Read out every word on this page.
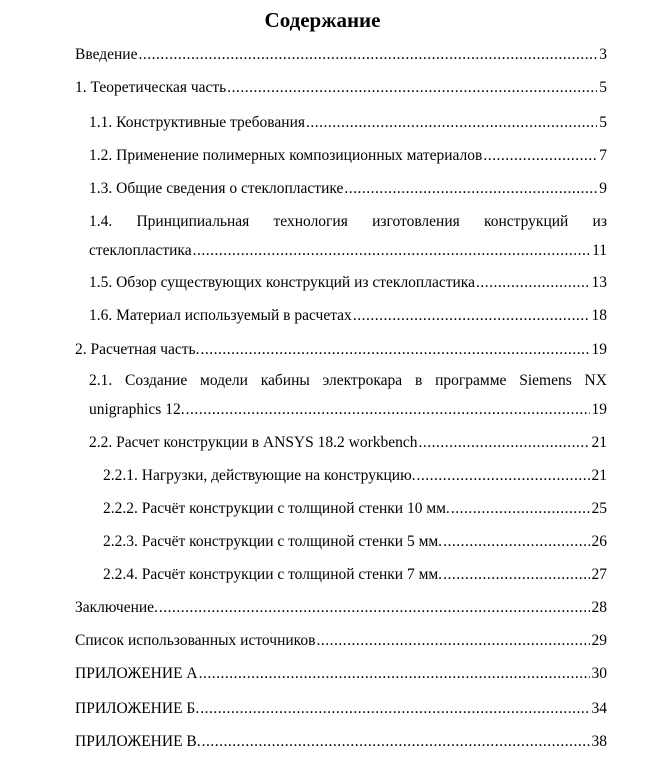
Содержание
Введение .....	3
1. Теоретическая часть .....	5
1.1. Конструктивные требования .....	5
1.2. Применение полимерных композиционных материалов .....	7
1.3. Общие сведения о стеклопластике .....	9
1.4. Принципиальная технология изготовления конструкций из
стеклопластика .....	11
1.5. Обзор существующих конструкций из стеклопластика .....	13
1.6. Материал используемый в расчетах .....	18
2. Расчетная часть. .....	19
2.1. Создание модели кабины электрокара в программе Siemens NX
unigraphics 12. .....	19
2.2. Расчет конструкции в ANSYS 18.2 workbench .....	21
2.2.1. Нагрузки, действующие на конструкцию. .....	21
2.2.2. Расчёт конструкции с толщиной стенки 10 мм. .....	25
2.2.3. Расчёт конструкции с толщиной стенки 5 мм. .....	26
2.2.4. Расчёт конструкции с толщиной стенки 7 мм. .....	27
Заключение. .....	28
Список использованных источников .....	29
ПРИЛОЖЕНИЕ А .....	30
ПРИЛОЖЕНИЕ Б. .....	34
ПРИЛОЖЕНИЕ В. .....	38
